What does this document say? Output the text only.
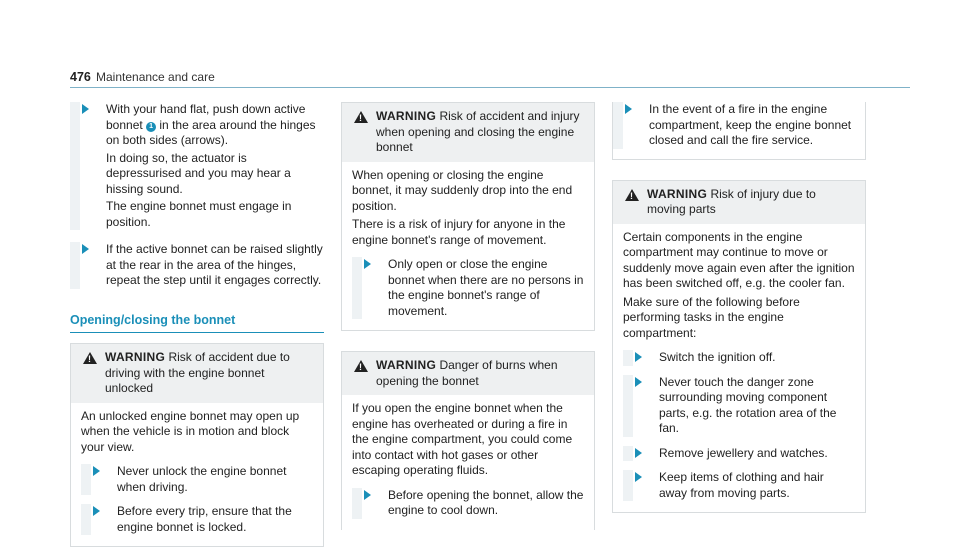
476 Maintenance and care

With your hand flat, push down active bonnet 1 in the area around the hinges on both sides (arrows).

In doing so, the actuator is depressurised and you may hear a hissing sound.

The engine bonnet must engage in position.

If the active bonnet can be raised slightly at the rear in the area of the hinges, repeat the step until it engages correctly.

Opening/closing the bonnet
!
WARNING Risk of accident due to driving with the engine bonnet unlocked

An unlocked engine bonnet may open up when the vehicle is in motion and block your view.

Never unlock the engine bonnet when driving.

Before every trip, ensure that the engine bonnet is locked.

!
WARNING Risk of accident and injury when opening and closing the engine bonnet

When opening or closing the engine bonnet, it may suddenly drop into the end position.

There is a risk of injury for anyone in the engine bonnet's range of movement.

Only open or close the engine bonnet when there are no persons in the engine bonnet's range of movement.

!
WARNING Danger of burns when opening the bonnet

If you open the engine bonnet when the engine has overheated or during a fire in the engine compartment, you could come into contact with hot gases or other escaping operating fluids.

Before opening the bonnet, allow the engine to cool down.

In the event of a fire in the engine compartment, keep the engine bonnet closed and call the fire service.

!
WARNING Risk of injury due to moving parts

Certain components in the engine compartment may continue to move or suddenly move again even after the ignition has been switched off, e.g. the cooler fan.

Make sure of the following before performing tasks in the engine compartment:

Switch the ignition off.

Never touch the danger zone surrounding moving component parts, e.g. the rotation area of the fan.

Remove jewellery and watches.

Keep items of clothing and hair away from moving parts.
